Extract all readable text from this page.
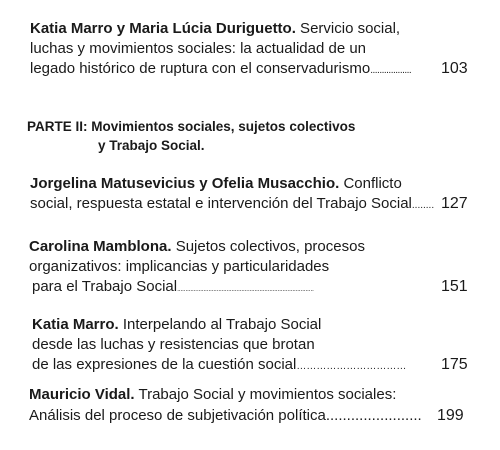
Katia Marro y Maria Lúcia Duriguetto. Servicio social,
luchas y movimientos sociales: la actualidad de un
legado histórico de ruptura con el conservadurismo.................. 103
PARTE II: Movimientos sociales, sujetos colectivos
y Trabajo Social.
Jorgelina Matusevicius y Ofelia Musacchio. Conflicto
social, respuesta estatal e intervención del Trabajo Social........ 127
Carolina Mamblona. Sujetos colectivos, procesos
organizativos: implicancias y particularidades
para el Trabajo Social...................................................................................	151
Katia Marro. Interpelando al Trabajo Social
desde las luchas y resistencias que brotan
de las expresiones de la cuestión social…………………………… 175
Mauricio Vidal. Trabajo Social y movimientos sociales:
Análisis del proceso de subjetivación política....................... 199
